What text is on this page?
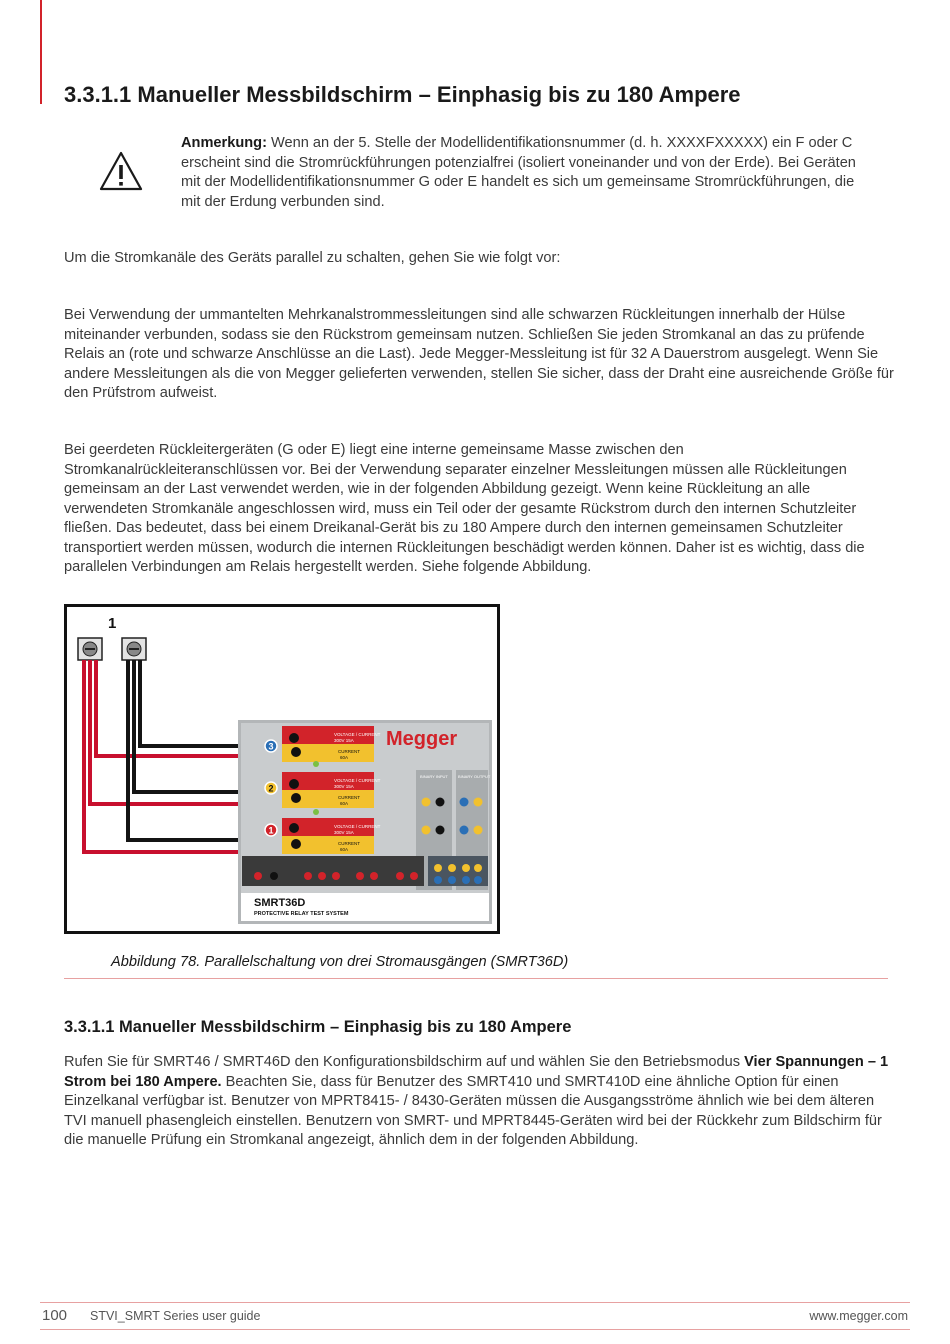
3.3.1.1 Manueller Messbildschirm – Einphasig bis zu 180 Ampere
Anmerkung: Wenn an der 5. Stelle der Modellidentifikationsnummer (d. h. XXXXFXXXXX) ein F oder C erscheint sind die Stromrückführungen potenzialfrei (isoliert voneinander und von der Erde). Bei Geräten mit der Modellidentifikationsnummer G oder E handelt es sich um gemeinsame Stromrückführungen, die mit der Erdung verbunden sind.

Um die Stromkanäle des Geräts parallel zu schalten, gehen Sie wie folgt vor:

Bei Verwendung der ummantelten Mehrkanalstrommessleitungen sind alle schwarzen Rückleitungen innerhalb der Hülse miteinander verbunden, sodass sie den Rückstrom gemeinsam nutzen. Schließen Sie jeden Stromkanal an das zu prüfende Relais an (rote und schwarze Anschlüsse an die Last). Jede Megger-Messleitung ist für 32 A Dauerstrom ausgelegt. Wenn Sie andere Messleitungen als die von Megger gelieferten verwenden, stellen Sie sicher, dass der Draht eine ausreichende Größe für den Prüfstrom aufweist.

Bei geerdeten Rückleitergeräten (G oder E) liegt eine interne gemeinsame Masse zwischen den Stromkanalrückleiteranschlüssen vor. Bei der Verwendung separater einzelner Messleitungen müssen alle Rückleitungen gemeinsam an der Last verwendet werden, wie in der folgenden Abbildung gezeigt. Wenn keine Rückleitung an alle verwendeten Stromkanäle angeschlossen wird, muss ein Teil oder der gesamte Rückstrom durch den internen Schutzleiter fließen. Das bedeutet, dass bei einem Dreikanal-Gerät bis zu 180 Ampere durch den internen gemeinsamen Schutzleiter transportiert werden müssen, wodurch die internen Rückleitungen beschädigt werden können. Daher ist es wichtig, dass die parallelen Verbindungen am Relais hergestellt werden. Siehe folgende Abbildung.

1
3
VOLTAGE / CURRENT
300V 15A
CURRENT
60A
2
VOLTAGE / CURRENT
300V 15A
CURRENT
60A
1	VOLTAGE / CURRENT
300V 15A
CURRENT
60A
Megger
BINARY INPUT	BINARY OUTPUT
SMRT36D
PROTECTIVE RELAY TEST SYSTEM
Abbildung 78. Parallelschaltung von drei Stromausgängen (SMRT36D)
3.3.1.1 Manueller Messbildschirm – Einphasig bis zu 180 Ampere

Rufen Sie für SMRT46 / SMRT46D den Konfigurationsbildschirm auf und wählen Sie den Betriebsmodus Vier Spannungen – 1 Strom bei 180 Ampere. Beachten Sie, dass für Benutzer des SMRT410 und SMRT410D eine ähnliche Option für einen Einzelkanal verfügbar ist. Benutzer von MPRT8415- / 8430-Geräten müssen die Ausgangsströme ähnlich wie bei dem älteren TVI manuell phasengleich einstellen. Benutzern von SMRT- und MPRT8445-Geräten wird bei der Rückkehr zum Bildschirm für die manuelle Prüfung ein Stromkanal angezeigt, ähnlich dem in der folgenden Abbildung.

100 STVI_SMRT Series user guide	www.megger.com
